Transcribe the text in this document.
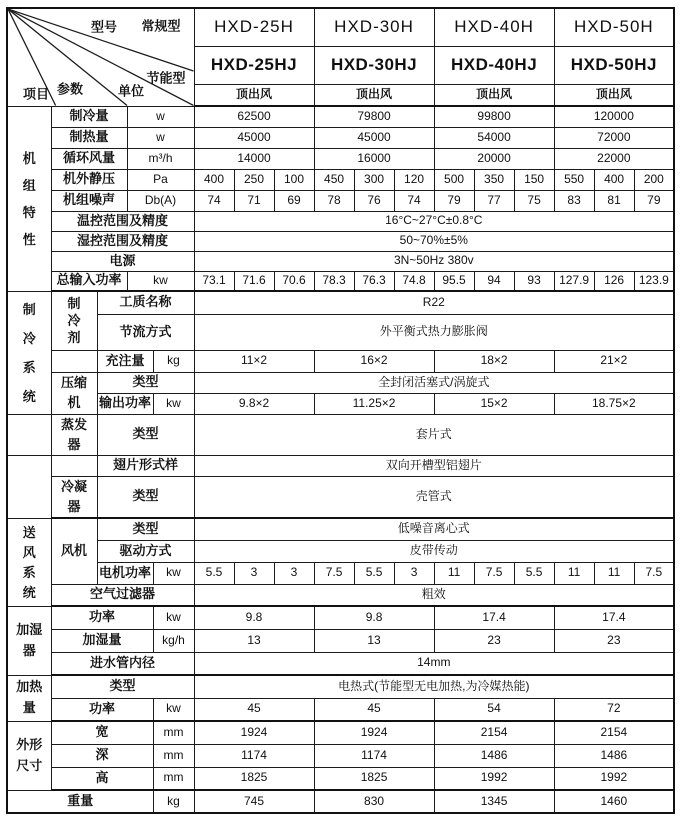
型号 常规型
节能型
项目 参数	单位
	HXD-25H	HXD-30H	HXD-40H	HXD-50H
					HXD-25HJ			HXD-30HJ			HXD-40HJ			HXD-50HJ		
					顶出风			顶出风			顶出风			顶出风		

机
组
特
性	制冷量		w		62500			79800			99800			120000		
	制热量		w		45000			45000			54000			72000		
	循环风量		m³/h		14000			16000			20000			22000		
	机外静压		Pa		400	250	100	450	300	120	500	350	150	550	400	200
	机组噪声		Db(A)		74	71	69	78	76	74	79	77	75	83	81	79
	温控范围及精度				16°C~27°C±0.8°C											
	湿控范围及精度				50~70%±5%											
	电源				3N~50Hz 380v											
	总输入功率		kw		73.1	71.6	70.6	78.3	76.3	74.8	95.5	94	93	127.9	126	123.9

制
冷
系
统	制
冷
剂	工质名称			R22											
		节流方式			外平衡式热力膨胀阀											
		充注量		kg	11×2			16×2			18×2			21×2		
	压缩机	类型			全封闭活塞式/涡旋式											
		输出功率		kw	9.8×2			11.25×2			15×2			18.75×2		
	蒸发器	类型			套片式											
		翅片形式样			双向开槽型铝翅片											
	冷凝器	类型			壳管式											

送
风
系
统	风机	类型			低噪音离心式											
		驱动方式			皮带传动											
		电机功率		kw	5.5	3	3	7.5	5.5	3	11	7.5	5.5	11	11	7.5
	空气过滤器				粗效											
加湿器	功率			kw	9.8			9.8			17.4			17.4		
	加湿量			kg/h	13			13			23			23		
	进水管内径				14mm											
加热量	类型				电热式(节能型无电加热,为冷媒热能)											
	功率			kw	45			45			54			72		
外形尺寸	宽			mm	1924			1924			2154			2154		
	深			mm	1174			1174			1486			1486		
	高			mm	1825			1825			1992			1992		
重量				kg	745			830			1345			1460		
